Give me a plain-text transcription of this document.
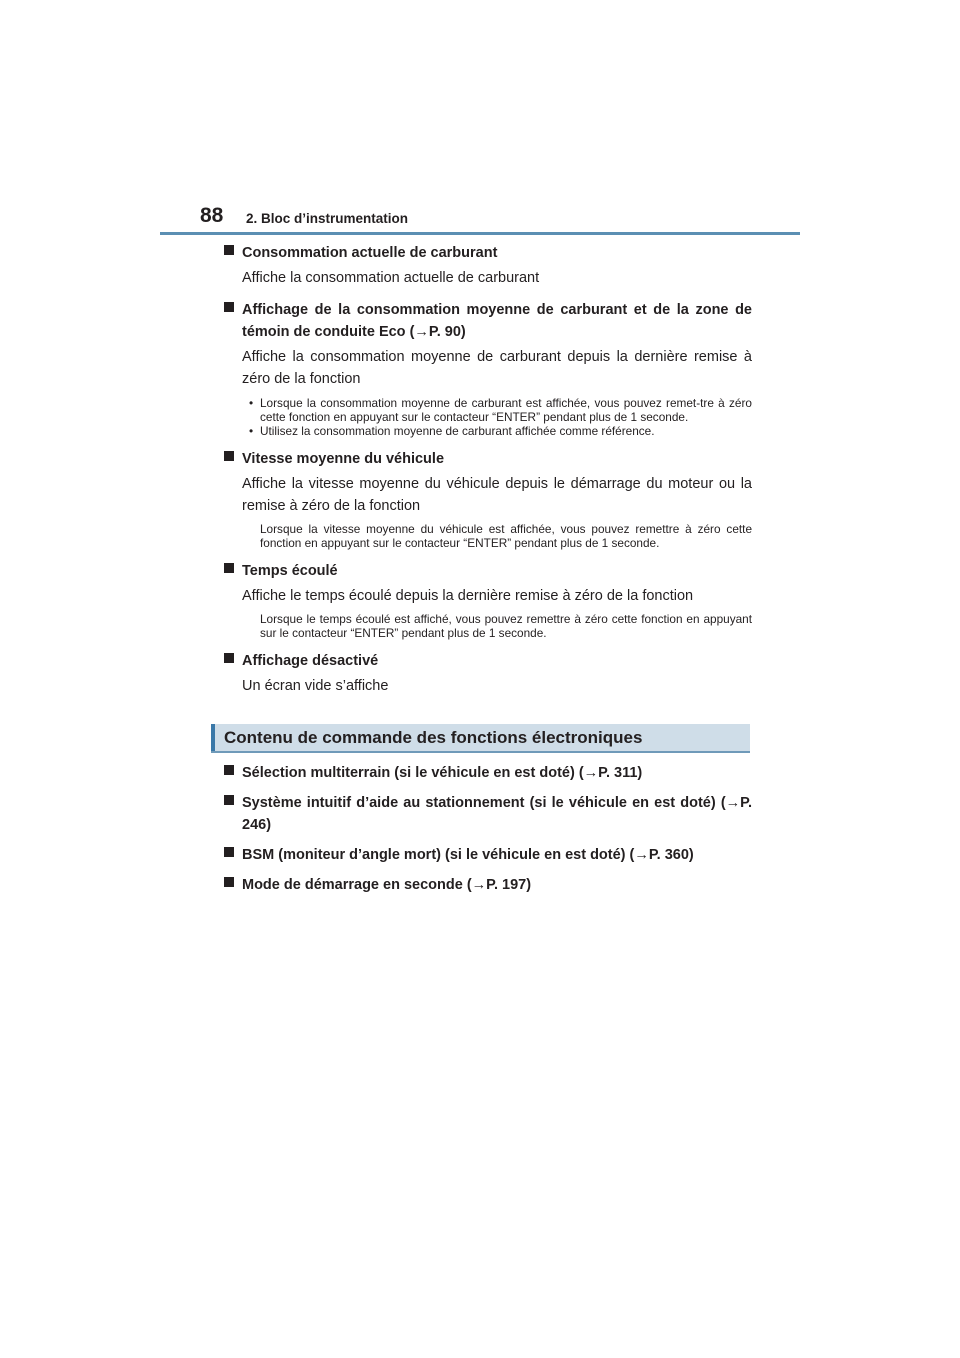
88 2. Bloc d’instrumentation
Consommation actuelle de carburant
Affiche la consommation actuelle de carburant
Affichage de la consommation moyenne de carburant et de la zone de témoin de conduite Eco (→P. 90)
Affiche la consommation moyenne de carburant depuis la dernière remise à zéro de la fonction
• Lorsque la consommation moyenne de carburant est affichée, vous pouvez remet-tre à zéro cette fonction en appuyant sur le contacteur “ENTER” pendant plus de 1 seconde.
• Utilisez la consommation moyenne de carburant affichée comme référence.
Vitesse moyenne du véhicule
Affiche la vitesse moyenne du véhicule depuis le démarrage du moteur ou la remise à zéro de la fonction
Lorsque la vitesse moyenne du véhicule est affichée, vous pouvez remettre à zéro cette fonction en appuyant sur le contacteur “ENTER” pendant plus de 1 seconde.
Temps écoulé
Affiche le temps écoulé depuis la dernière remise à zéro de la fonction
Lorsque le temps écoulé est affiché, vous pouvez remettre à zéro cette fonction en appuyant sur le contacteur “ENTER” pendant plus de 1 seconde.
Affichage désactivé
Un écran vide s’affiche
Contenu de commande des fonctions électroniques
Sélection multiterrain (si le véhicule en est doté) (→P. 311)
Système intuitif d’aide au stationnement (si le véhicule en est doté) (→P. 246)
BSM (moniteur d’angle mort) (si le véhicule en est doté) (→P. 360)
Mode de démarrage en seconde (→P. 197)
